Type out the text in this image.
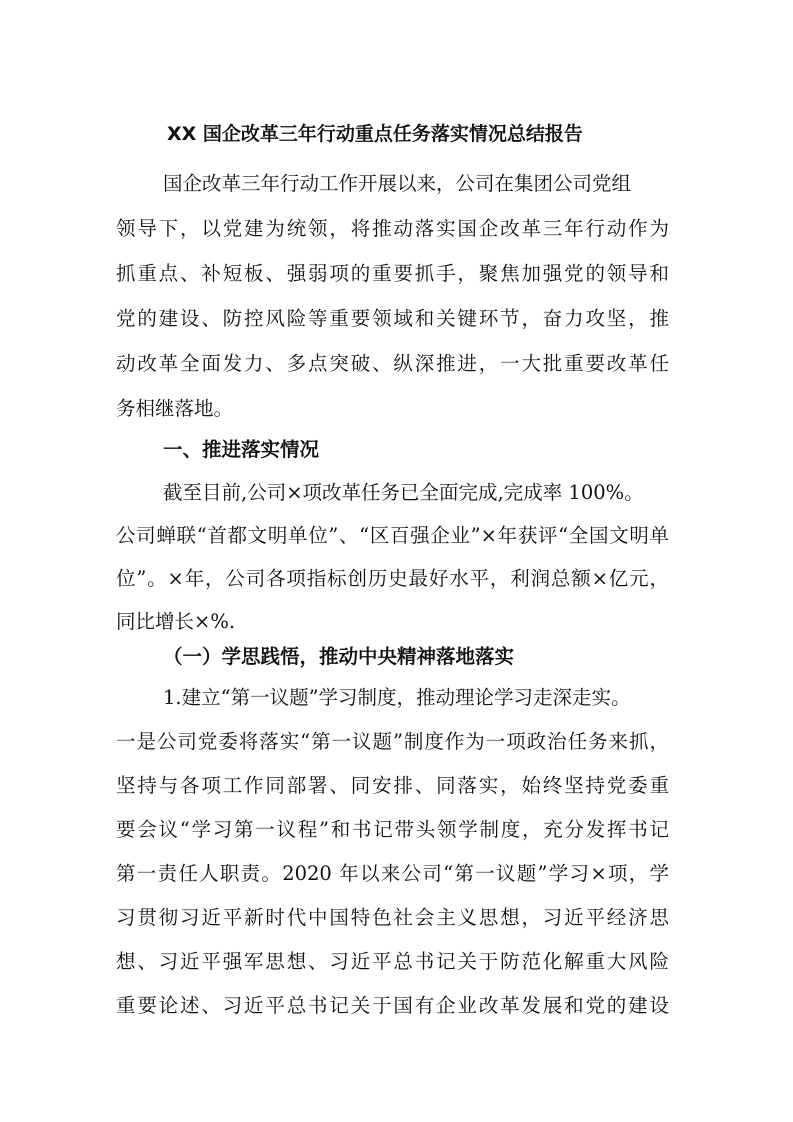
XX 国企改革三年行动重点任务落实情况总结报告
国企改革三年行动工作开展以来，公司在集团公司党组
领导下，以党建为统领，将推动落实国企改革三年行动作为
抓重点、补短板、强弱项的重要抓手，聚焦加强党的领导和
党的建设、防控风险等重要领域和关键环节，奋力攻坚，推
动改革全面发力、多点突破、纵深推进，一大批重要改革任
务相继落地。
一、推进落实情况
截至目前,公司×项改革任务已全面完成,完成率 100%。
公司蝉联“首都文明单位”、“区百强企业”×年获评“全国文明单
位”。×年，公司各项指标创历史最好水平，利润总额×亿元，
同比增长×%.
（一）学思践悟，推动中央精神落地落实
1.建立“第一议题”学习制度，推动理论学习走深走实。
一是公司党委将落实“第一议题”制度作为一项政治任务来抓，
坚持与各项工作同部署、同安排、同落实，始终坚持党委重
要会议“学习第一议程”和书记带头领学制度，充分发挥书记
第一责任人职责。2020 年以来公司“第一议题”学习×项，学
习贯彻习近平新时代中国特色社会主义思想，习近平经济思
想、习近平强军思想、习近平总书记关于防范化解重大风险
重要论述、习近平总书记关于国有企业改革发展和党的建设
